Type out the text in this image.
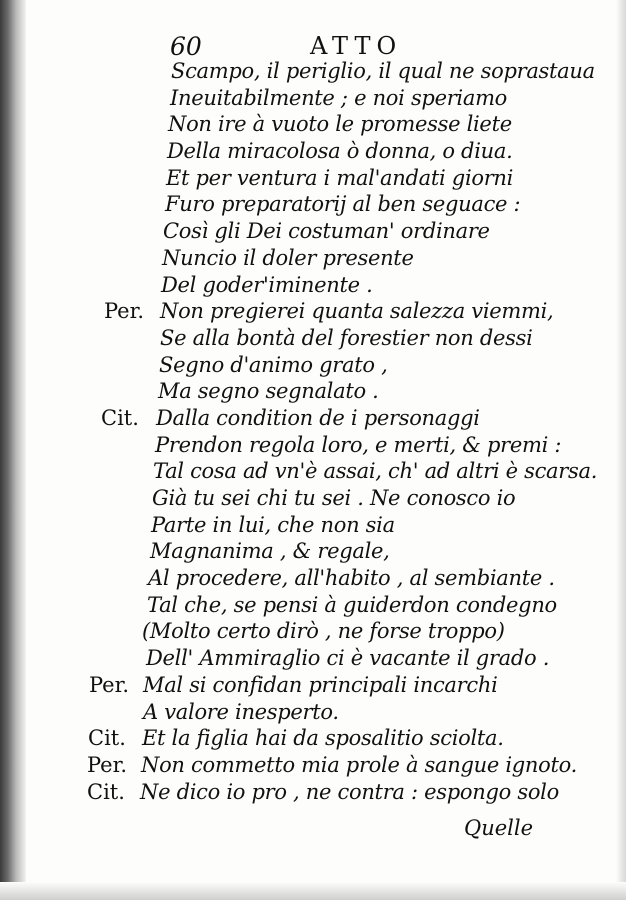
60	ATTO
Scampo, il periglio, il qual ne soprastaua
Ineuitabilmente ; e noi speriamo
Non ire à vuoto le promesse liete
Della miracolosa ò donna, o diua.
Et per ventura i mal'andati giorni
Furo preparatorij al ben seguace :
Così gli Dei costuman' ordinare
Nuncio il doler presente
Del goder'iminente .
Per. Non pregierei quanta salezza viemmi,
Se alla bontà del forestier non dessi
Segno d'animo grato ,
Ma segno segnalato .
Cit. Dalla condition de i personaggi
Prendon regola loro, e merti, & premi :
Tal cosa ad vn'è assai, ch' ad altri è scarsa.
Già tu sei chi tu sei . Ne conosco io
Parte in lui, che non sia
Magnanima , & regale,
Al procedere, all'habito , al sembiante .
Tal che, se pensi à guiderdon condegno
(Molto certo dirò , ne forse troppo)
Dell' Ammiraglio ci è vacante il grado .
Per. Mal si confidan principali incarchi
A valore inesperto.
Cit. Et la figlia hai da sposalitio sciolta.
Per. Non commetto mia prole à sangue ignoto.
Cit. Ne dico io pro , ne contra : espongo solo
Quelle
